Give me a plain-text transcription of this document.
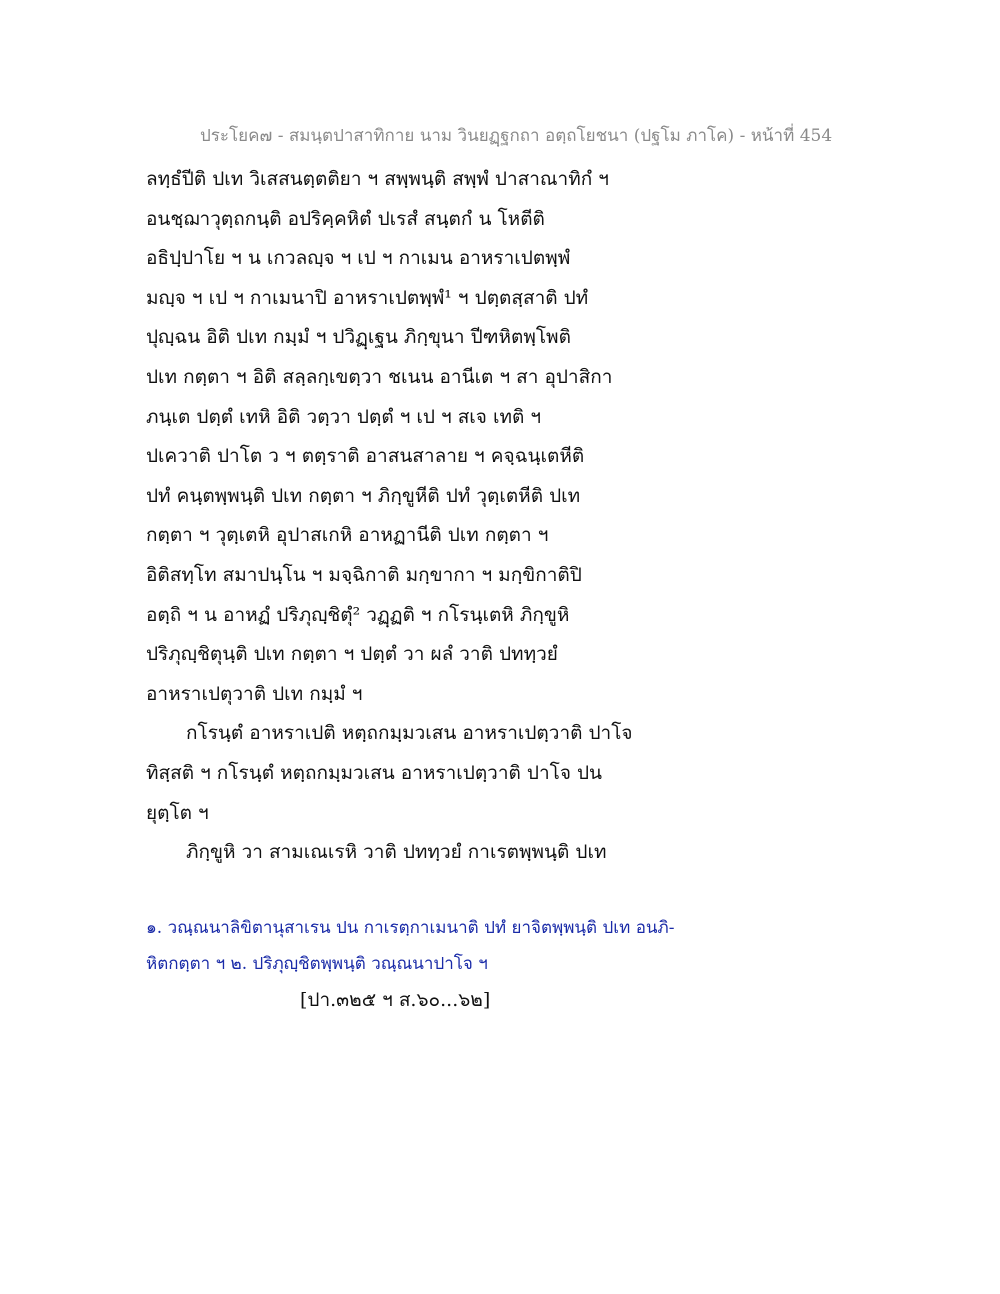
ประโยค๗ - สมนฺตปาสาทิกาย นาม วินยฏฺฐกถา อตฺถโยชนา (ปฐโม ภาโค) - หน้าที่ 454
ลทฺธํปีติ ปเท วิเสสนตฺตติยา ฯ สพฺพนฺติ สพฺพํ ปาสาณาทิกํ ฯ
อนชฺฌาวุตฺถกนฺติ อปริคฺคหิตํ ปเรสํ สนฺตกํ น โหตีติ
อธิปฺปาโย ฯ น เกวลญฺจ ฯ เป ฯ กาเมน อาหราเปตพฺพํ
มญฺจ ฯ เป ฯ กาเมนาปิ อาหราเปตพฺพํ¹ ฯ ปตฺตสฺสาติ ปทํ
ปุญฺฉน อิติ ปเท กมฺมํ ฯ ปวิฏฺเฐน ภิกฺขุนา ปีฑหิตพฺโพติ
ปเท กตฺตา ฯ อิติ สลฺลกฺเขตฺวา ชเนน อานีเต ฯ สา อุปาสิกา
ภนฺเต ปตฺตํ เทหิ อิติ วตฺวา ปตฺตํ ฯ เป ฯ สเจ เทติ ฯ
ปเควาติ ปาโต ว ฯ ตตฺราติ อาสนสาลาย ฯ คจฺฉนฺเตหีติ
ปทํ คนฺตพฺพนฺติ ปเท กตฺตา ฯ ภิกฺขูหีติ ปทํ วุตฺเตหีติ ปเท
กตฺตา ฯ วุตฺเตหิ อุปาสเกหิ อาหฏานีติ ปเท กตฺตา ฯ
อิติสทฺโท สมาปนฺโน ฯ มจฺฉิกาติ มกฺขากา ฯ มกฺขิกาติปิ
อตฺถิ ฯ น อาหฏํ ปริภุญฺชิตุํ² วฏฺฏติ ฯ กโรนฺเตหิ ภิกฺขูหิ
ปริภุญฺชิตุนฺติ ปเท กตฺตา ฯ ปตฺตํ วา ผลํ วาติ ปททฺวยํ
อาหราเปตุวาติ ปเท กมฺมํ ฯ
กโรนฺตํ อาหราเปติ หตฺถกมฺมวเสน อาหราเปตฺวาติ ปาโจ
ทิสฺสติ ฯ กโรนฺตํ หตฺถกมฺมวเสน อาหราเปตฺวาติ ปาโจ ปน
ยุตฺโต ฯ
ภิกฺขูหิ วา สามเณเรหิ วาติ ปททฺวยํ กาเรตพฺพนฺติ ปเท
๑. วณฺณนาลิขิตานุสาเรน ปน กาเรตฺกาเมนาติ ปทํ ยาจิตพฺพนฺติ ปเท อนภิ-
หิตกตฺตา ฯ ๒. ปริภุญฺชิตพฺพนฺติ วณฺณนาปาโจ ฯ
[ปา.๓๒๕ ฯ ส.๖๐...๖๒]
